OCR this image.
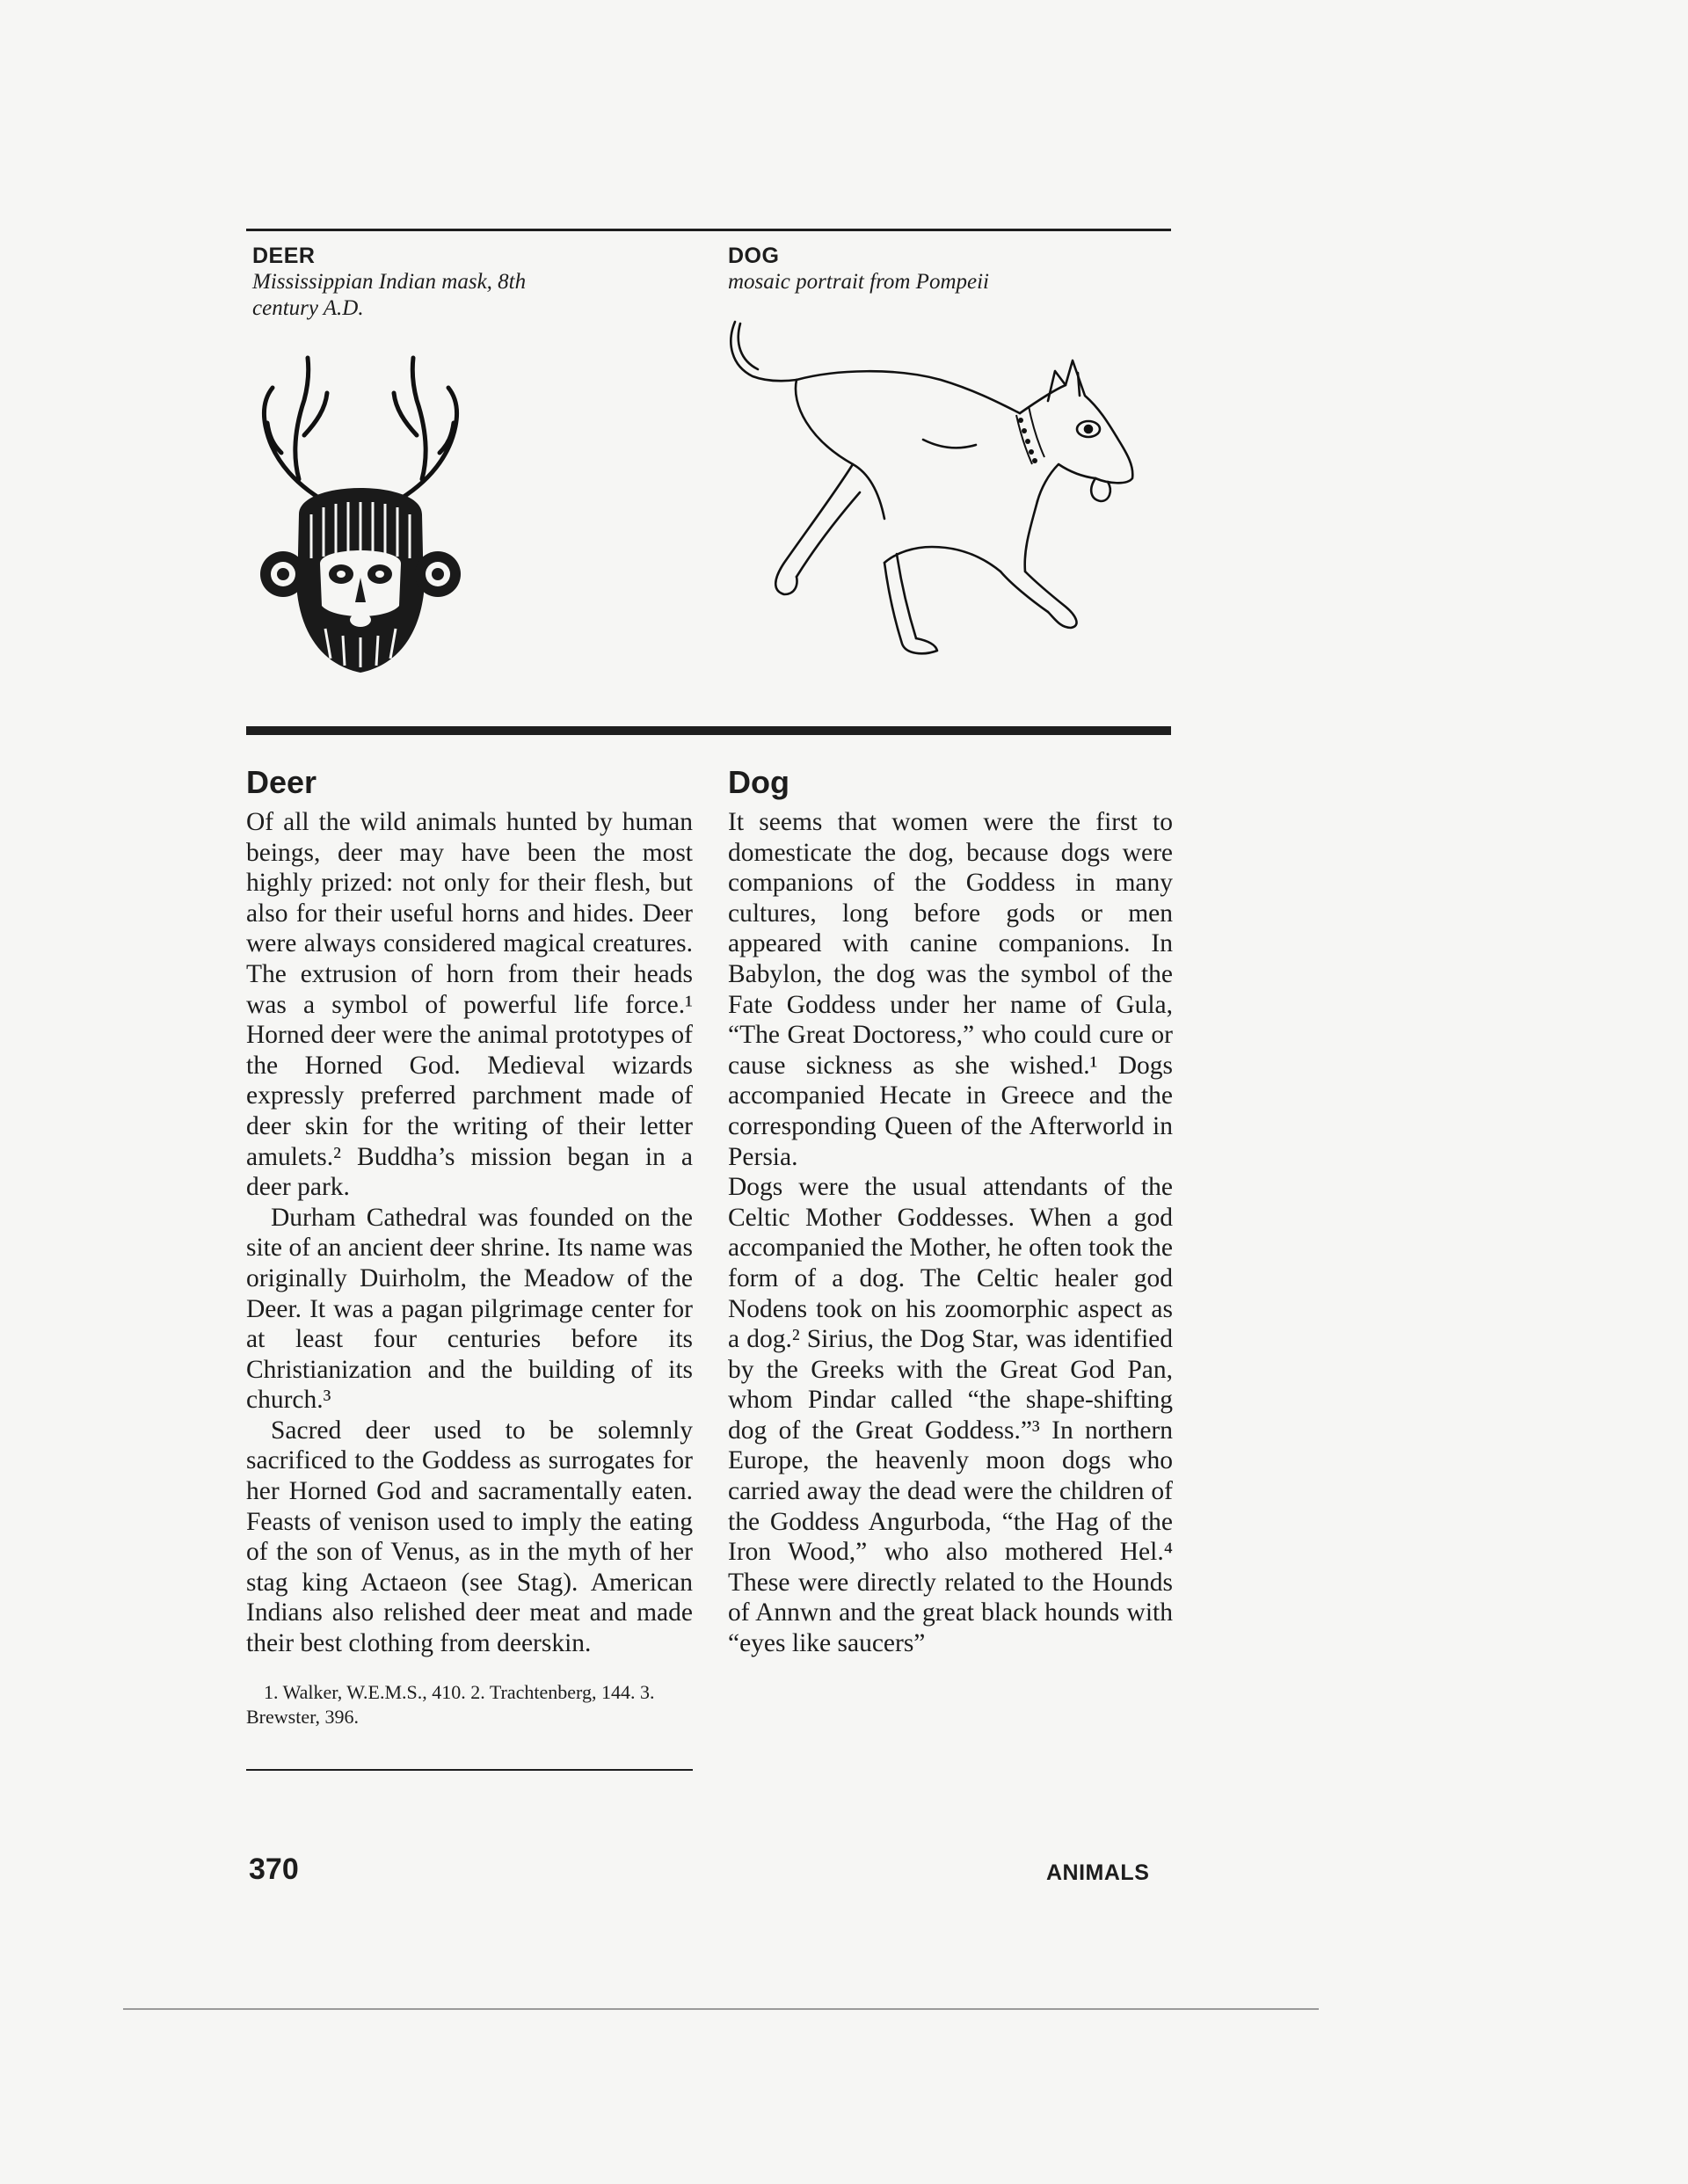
DEER
Mississippian Indian mask, 8th century A.D.
DOG
mosaic portrait from Pompeii
Deer

Of all the wild animals hunted by human beings, deer may have been the most highly prized: not only for their flesh, but also for their useful horns and hides. Deer were always considered magical creatures. The extrusion of horn from their heads was a symbol of powerful life force.¹ Horned deer were the animal prototypes of the Horned God. Medieval wizards expressly preferred parchment made of deer skin for the writing of their letter amulets.² Buddha’s mission began in a deer park.

Durham Cathedral was founded on the site of an ancient deer shrine. Its name was originally Duirholm, the Meadow of the Deer. It was a pagan pilgrimage center for at least four centuries before its Christianization and the building of its church.³

Sacred deer used to be solemnly sacrificed to the Goddess as surrogates for her Horned God and sacramentally eaten. Feasts of venison used to imply the eating of the son of Venus, as in the myth of her stag king Actaeon (see Stag). American Indians also relished deer meat and made their best clothing from deerskin.

1. Walker, W.E.M.S., 410. 2. Trachtenberg, 144. 3. Brewster, 396.

Dog

It seems that women were the first to domesticate the dog, because dogs were companions of the Goddess in many cultures, long before gods or men appeared with canine companions. In Babylon, the dog was the symbol of the Fate Goddess under her name of Gula, “The Great Doctoress,” who could cure or cause sickness as she wished.¹ Dogs accompanied Hecate in Greece and the corresponding Queen of the Afterworld in Persia.

Dogs were the usual attendants of the Celtic Mother Goddesses. When a god accompanied the Mother, he often took the form of a dog. The Celtic healer god Nodens took on his zoomorphic aspect as a dog.² Sirius, the Dog Star, was identified by the Greeks with the Great God Pan, whom Pindar called “the shape-shifting dog of the Great Goddess.”³ In northern Europe, the heavenly moon dogs who carried away the dead were the children of the Goddess Angurboda, “the Hag of the Iron Wood,” who also mothered Hel.⁴ These were directly related to the Hounds of Annwn and the great black hounds with “eyes like saucers”

370	ANIMALS
